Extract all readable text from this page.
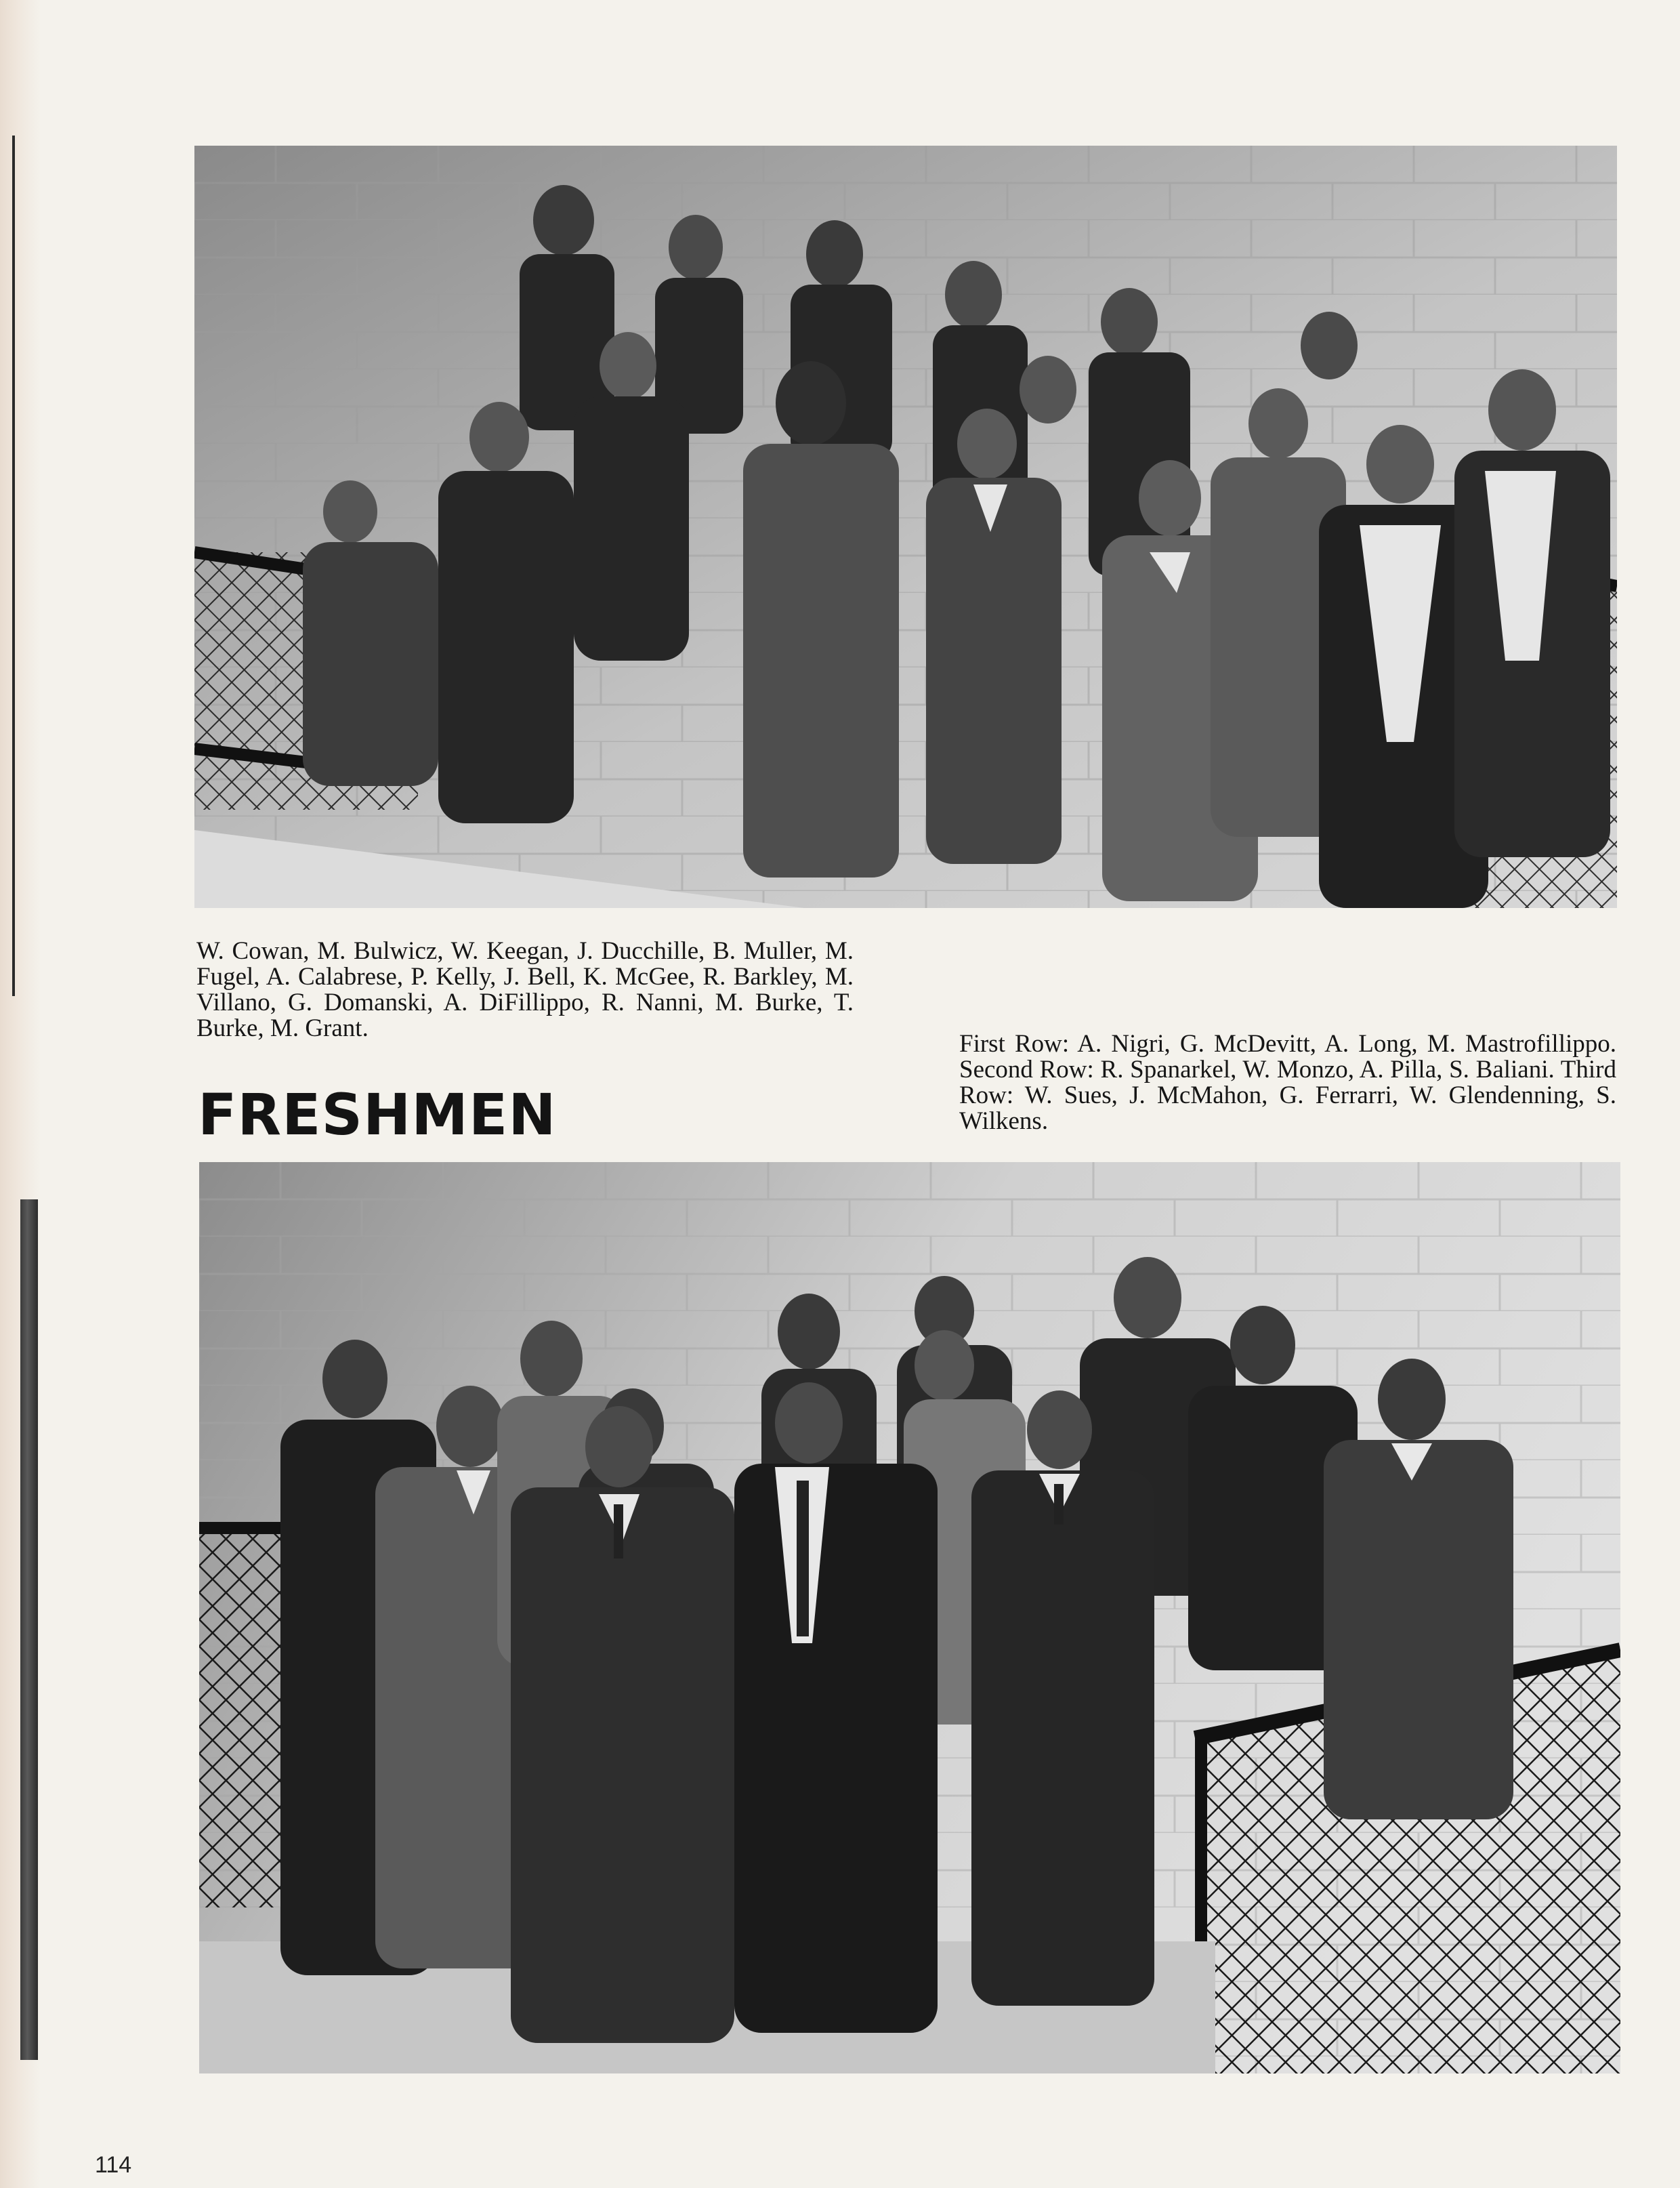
W. Cowan, M. Bulwicz, W. Keegan, J. Ducchille, B. Muller, M. Fugel, A. Calabrese, P. Kelly, J. Bell, K. McGee, R. Barkley, M. Villano, G. Domanski, A. DiFillippo, R. Nanni, M. Burke, T. Burke, M. Grant.

First Row: A. Nigri, G. McDevitt, A. Long, M. Mastrofillippo. Second Row: R. Spanarkel, W. Monzo, A. Pilla, S. Baliani. Third Row: W. Sues, J. McMahon, G. Ferrarri, W. Glendenning, S. Wilkens.

FRESHMEN
114
